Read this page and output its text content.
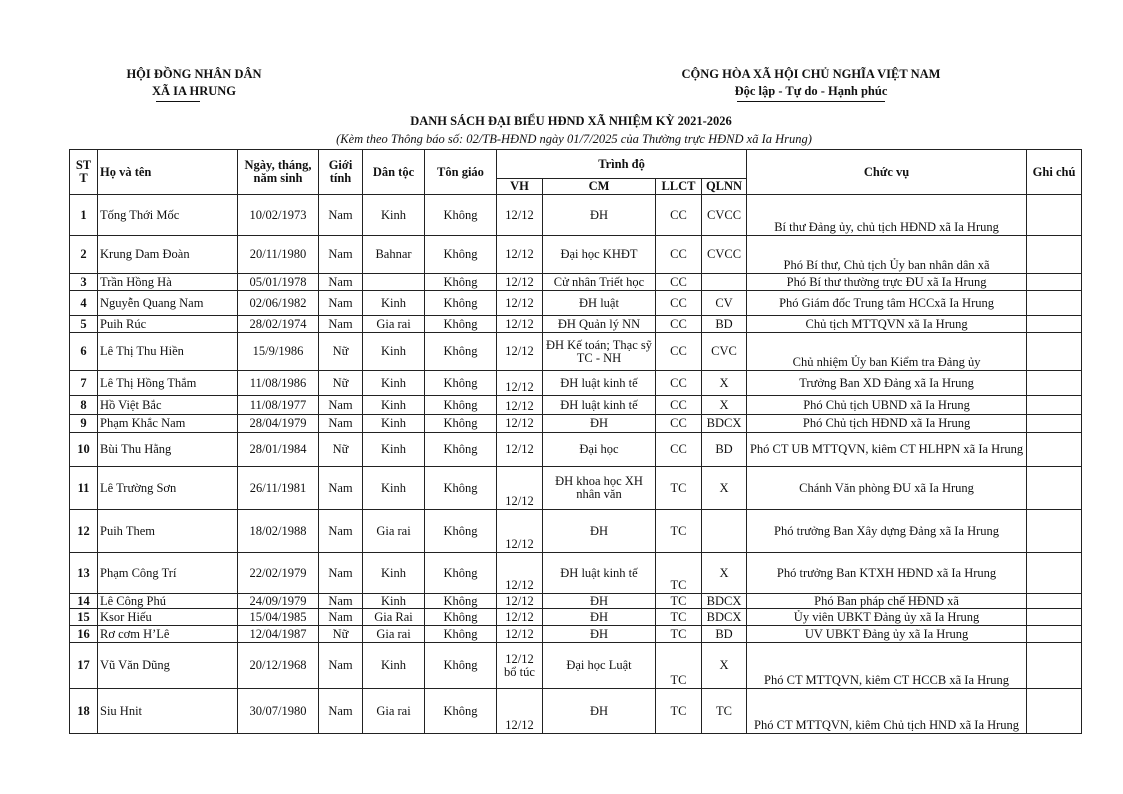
HỘI ĐỒNG NHÂN DÂN
XÃ IA HRUNG
CỘNG HÒA XÃ HỘI CHỦ NGHĨA VIỆT NAM
Độc lập - Tự do - Hạnh phúc
DANH SÁCH ĐẠI BIỂU HĐND XÃ NHIỆM KỲ 2021-2026
(Kèm theo Thông báo số: 02/TB-HĐND ngày 01/7/2025 của Thường trực HĐND xã Ia Hrung)
ST T	Họ và tên	Ngày, tháng, năm sinh	Giới tính	Dân tộc	Tôn giáo	Trình độ				Chức vụ	Ghi chú
						VH	CM	LLCT	QLNN		
1	Tống Thới Mốc	10/02/1973	Nam	Kinh	Không	12/12	ĐH	CC	CVCC	Bí thư Đảng ủy, chủ tịch HĐND xã Ia Hrung	
2	Krung Dam Đoàn	20/11/1980	Nam	Bahnar	Không	12/12	Đại học KHĐT	CC	CVCC	Phó Bí thư, Chủ tịch Ủy ban nhân dân xã	
3	Trần Hồng Hà	05/01/1978	Nam		Không	12/12	Cử nhân Triết học	CC		Phó Bí thư thường trực ĐU xã Ia Hrung	
4	Nguyễn Quang Nam	02/06/1982	Nam	Kinh	Không	12/12	ĐH luật	CC	CV	Phó Giám đốc Trung tâm HCCxã Ia Hrung	
5	Puih Rúc	28/02/1974	Nam	Gia rai	Không	12/12	ĐH Quản lý NN	CC	BD	Chủ tịch MTTQVN xã Ia Hrung	
6	Lê Thị Thu Hiền	15/9/1986	Nữ	Kinh	Không	12/12	ĐH Kế toán; Thạc sỹ TC - NH	CC	CVC	Chủ nhiệm Ủy ban Kiểm tra Đảng ủy	
7	Lê Thị Hồng Thắm	11/08/1986	Nữ	Kinh	Không	12/12	ĐH luật kinh tế	CC	X	Trưởng Ban XD Đảng xã Ia Hrung	
8	Hồ Việt Bắc	11/08/1977	Nam	Kinh	Không	12/12	ĐH luật kinh tế	CC	X	Phó Chủ tịch UBND xã Ia Hrung	
9	Phạm Khắc Nam	28/04/1979	Nam	Kinh	Không	12/12	ĐH	CC	BDCX	Phó Chủ tịch HĐND xã Ia Hrung	
10	Bùi Thu Hằng	28/01/1984	Nữ	Kinh	Không	12/12	Đại học	CC	BD	Phó CT UB MTTQVN, kiêm CT HLHPN xã Ia Hrung	
11	Lê Trường Sơn	26/11/1981	Nam	Kinh	Không	12/12	ĐH khoa học XH nhân văn	TC	X	Chánh Văn phòng ĐU xã Ia Hrung	
12	Puih Them	18/02/1988	Nam	Gia rai	Không	12/12	ĐH	TC		Phó trưởng Ban Xây dựng Đảng xã Ia Hrung	
13	Phạm Công Trí	22/02/1979	Nam	Kinh	Không	12/12	ĐH luật kinh tế	TC	X	Phó trưởng Ban KTXH HĐND xã Ia Hrung	
14	Lê Công Phú	24/09/1979	Nam	Kinh	Không	12/12	ĐH	TC	BDCX	Phó Ban pháp chế HĐND xã	
15	Ksor Hiếu	15/04/1985	Nam	Gia Rai	Không	12/12	ĐH	TC	BDCX	Ủy viên UBKT Đảng ủy xã Ia Hrung	
16	Rơ cơm H’Lê	12/04/1987	Nữ	Gia rai	Không	12/12	ĐH	TC	BD	UV UBKT Đảng ủy xã Ia Hrung	
17	Vũ Văn Dũng	20/12/1968	Nam	Kinh	Không	12/12 bổ túc	Đại học Luật	TC	X	Phó CT MTTQVN, kiêm CT HCCB xã Ia Hrung	
18	Siu Hnit	30/07/1980	Nam	Gia rai	Không	12/12	ĐH	TC	TC	Phó CT MTTQVN, kiêm Chủ tịch HND xã Ia Hrung	
